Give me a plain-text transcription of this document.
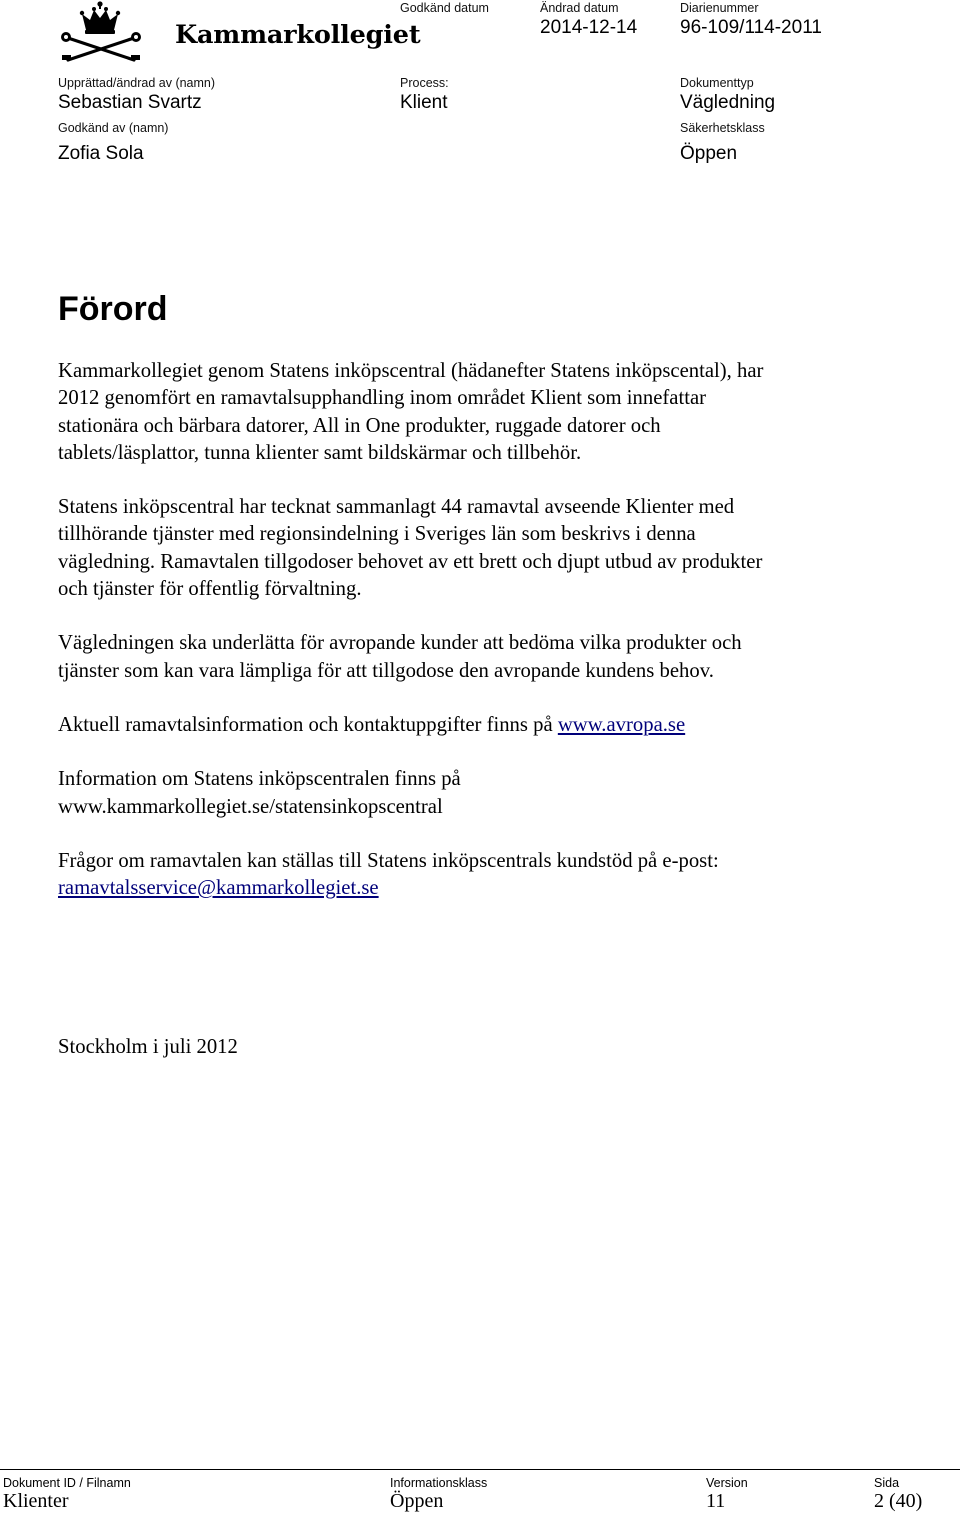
Kammarkollegiet
Godkänd datum	Ändrad datum
2014-12-14
Diarienummer
96-109/114-2011
Upprättad/ändrad av (namn)
Sebastian Svartz
Process:
Klient
Dokumenttyp
Vägledning
Godkänd av (namn)
Zofia Sola
Säkerhetsklass
Öppen
Förord

Kammarkollegiet genom Statens inköpscentral (hädanefter Statens inköpscental), har
2012 genomfört en ramavtalsupphandling inom området Klient som innefattar
stationära och bärbara datorer, All in One produkter, ruggade datorer och
tablets/läsplattor, tunna klienter samt bildskärmar och tillbehör.

Statens inköpscentral har tecknat sammanlagt 44 ramavtal avseende Klienter med
tillhörande tjänster med regionsindelning i Sveriges län som beskrivs i denna
vägledning. Ramavtalen tillgodoser behovet av ett brett och djupt utbud av produkter
och tjänster för offentlig förvaltning.

Vägledningen ska underlätta för avropande kunder att bedöma vilka produkter och
tjänster som kan vara lämpliga för att tillgodose den avropande kundens behov.

Aktuell ramavtalsinformation och kontaktuppgifter finns på www.avropa.se

Information om Statens inköpscentralen finns på
www.kammarkollegiet.se/statensinkopscentral

Frågor om ramavtalen kan ställas till Statens inköpscentrals kundstöd på e-post:
ramavtalsservice@kammarkollegiet.se

Stockholm i juli 2012
Dokument ID / Filnamn
Klienter
Informationsklass
Öppen
Version
11
Sida
2 (40)
